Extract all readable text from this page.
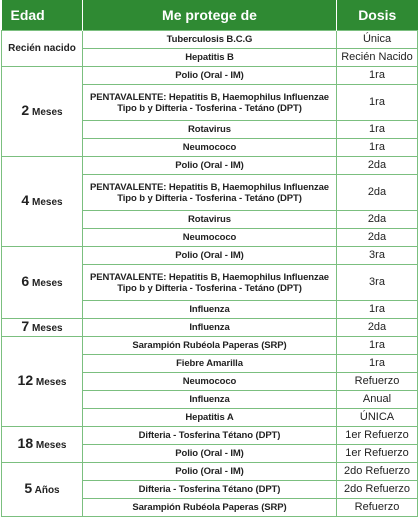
Edad	Me protege de	Dosis
Recién nacido	Tuberculosis B.C.G	Única
	Hepatitis B	Recién Nacido
2 Meses	Polio (Oral - IM)	1ra
	PENTAVALENTE: Hepatitis B, Haemophilus Influenzae Tipo b y Difteria - Tosferina - Tetáno (DPT)	1ra
	Rotavirus	1ra
	Neumococo	1ra
4 Meses	Polio (Oral - IM)	2da
	PENTAVALENTE: Hepatitis B, Haemophilus Influenzae Tipo b y Difteria - Tosferina - Tetáno (DPT)	2da
	Rotavirus	2da
	Neumococo	2da
6 Meses	Polio (Oral - IM)	3ra
	PENTAVALENTE: Hepatitis B, Haemophilus Influenzae Tipo b y Difteria - Tosferina - Tetáno (DPT)	3ra
	Influenza	1ra
7 Meses	Influenza	2da
12 Meses	Sarampión Rubéola Paperas (SRP)	1ra
	Fiebre Amarilla	1ra
	Neumococo	Refuerzo
	Influenza	Anual
	Hepatitis A	ÚNICA
18 Meses	Difteria - Tosferina Tétano (DPT)	1er Refuerzo
	Polio (Oral - IM)	1er Refuerzo
5 Años	Polio (Oral - IM)	2do Refuerzo
	Difteria - Tosferina Tétano (DPT)	2do Refuerzo
	Sarampión Rubéola Paperas (SRP)	Refuerzo
